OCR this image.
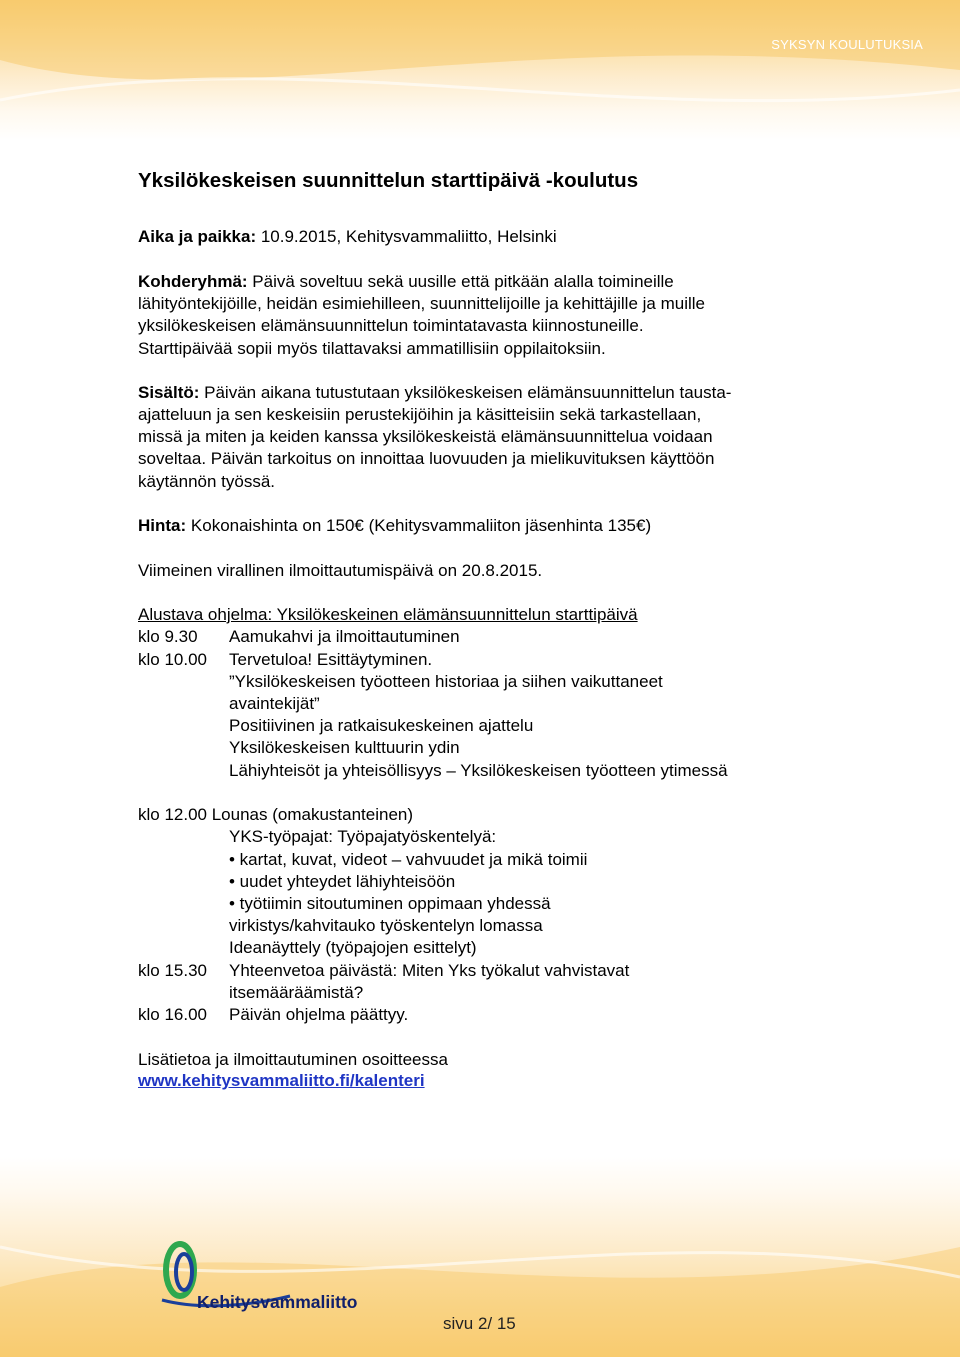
SYKSYN KOULUTUKSIA
Yksilökeskeisen suunnittelun starttipäivä -koulutus
Aika ja paikka: 10.9.2015, Kehitysvammaliitto, Helsinki
Kohderyhmä: Päivä soveltuu sekä uusille että pitkään alalla toimineille
lähityöntekijöille, heidän esimiehilleen, suunnittelijoille ja kehittäjille ja muille
yksilökeskeisen elämänsuunnittelun toimintatavasta kiinnostuneille.
Starttipäivää sopii myös tilattavaksi ammatillisiin oppilaitoksiin.
Sisältö: Päivän aikana tutustutaan yksilökeskeisen elämänsuunnittelun tausta-
ajatteluun ja sen keskeisiin perustekijöihin ja käsitteisiin sekä tarkastellaan,
missä ja miten ja keiden kanssa yksilökeskeistä elämänsuunnittelua voidaan
soveltaa. Päivän tarkoitus on innoittaa luovuuden ja mielikuvituksen käyttöön
käytännön työssä.
Hinta: Kokonaishinta on 150€ (Kehitysvammaliiton jäsenhinta 135€)
Viimeinen virallinen ilmoittautumispäivä on 20.8.2015.
Alustava ohjelma: Yksilökeskeinen elämänsuunnittelun starttipäivä
klo 9.30 Aamukahvi ja ilmoittautuminen
klo 10.00 Tervetuloa! Esittäytyminen.
”Yksilökeskeisen työotteen historiaa ja siihen vaikuttaneet
avaintekijät”
Positiivinen ja ratkaisukeskeinen ajattelu
Yksilökeskeisen kulttuurin ydin
Lähiyhteisöt ja yhteisöllisyys – Yksilökeskeisen työotteen ytimessä
klo 12.00 Lounas (omakustanteinen)
YKS-työpajat: Työpajatyöskentelyä:
• kartat, kuvat, videot – vahvuudet ja mikä toimii
• uudet yhteydet lähiyhteisöön
• työtiimin sitoutuminen oppimaan yhdessä
virkistys/kahvitauko työskentelyn lomassa
Ideanäyttely (työpajojen esittelyt)
klo 15.30 Yhteenvetoa päivästä: Miten Yks työkalut vahvistavat
itsemääräämistä?
klo 16.00 Päivän ohjelma päättyy.
Lisätietoa ja ilmoittautuminen osoitteessa
www.kehitysvammaliitto.fi/kalenteri
Kehitysvammaliitto
sivu 2/ 15
